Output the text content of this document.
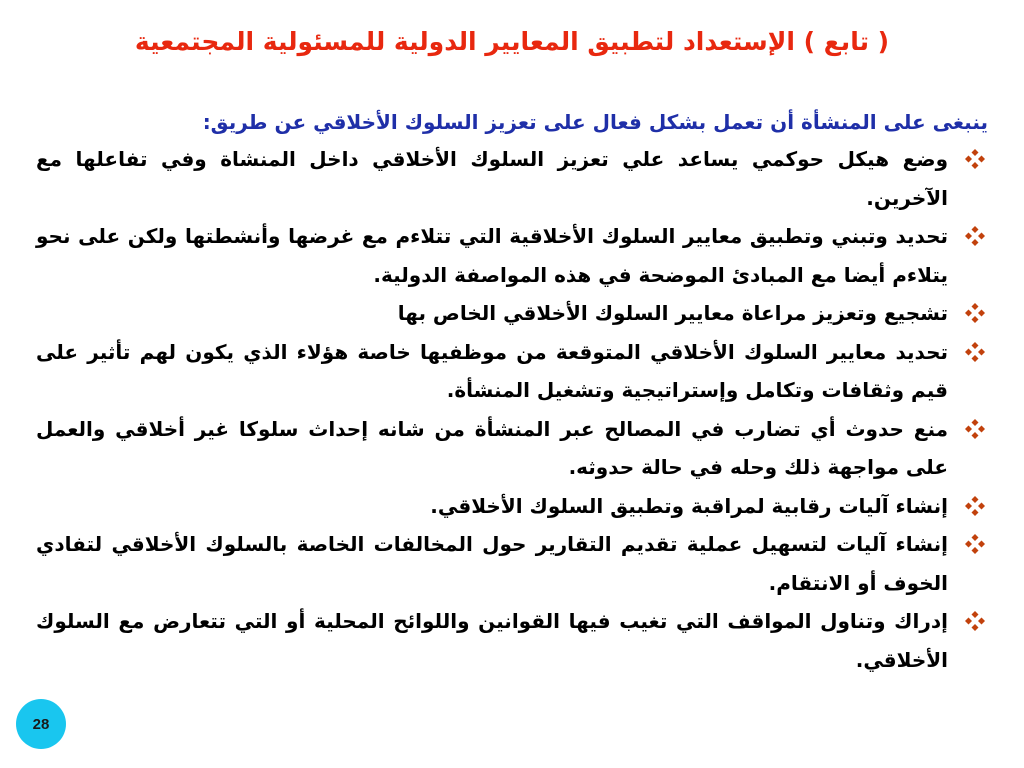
( تابع ) الإستعداد لتطبيق المعايير الدولية للمسئولية المجتمعية
ينبغى على المنشأة أن تعمل بشكل فعال على تعزيز السلوك الأخلاقي عن طريق:
وضع هيكل حوكمي يساعد علي تعزيز السلوك الأخلاقي داخل المنشاة وفي تفاعلها مع الآخرين.
تحديد وتبني وتطبيق معايير السلوك الأخلاقية التي تتلاءم مع غرضها وأنشطتها ولكن على نحو يتلاءم أيضا مع المبادئ الموضحة في هذه المواصفة الدولية.
تشجيع وتعزيز مراعاة معايير السلوك الأخلاقي الخاص بها
تحديد معايير السلوك الأخلاقي المتوقعة من موظفيها خاصة هؤلاء الذي يكون لهم تأثير على قيم وثقافات وتكامل وإستراتيجية وتشغيل المنشأة.
منع حدوث أي تضارب في المصالح عبر المنشأة من شانه إحداث سلوكا غير أخلاقي والعمل على مواجهة ذلك وحله في حالة حدوثه.
إنشاء آليات رقابية لمراقبة وتطبيق السلوك الأخلاقي.
إنشاء آليات لتسهيل عملية تقديم التقارير حول المخالفات الخاصة بالسلوك الأخلاقي لتفادي الخوف أو الانتقام.
إدراك وتناول المواقف التي تغيب فيها القوانين واللوائح المحلية أو التي تتعارض مع السلوك الأخلاقي.
28
